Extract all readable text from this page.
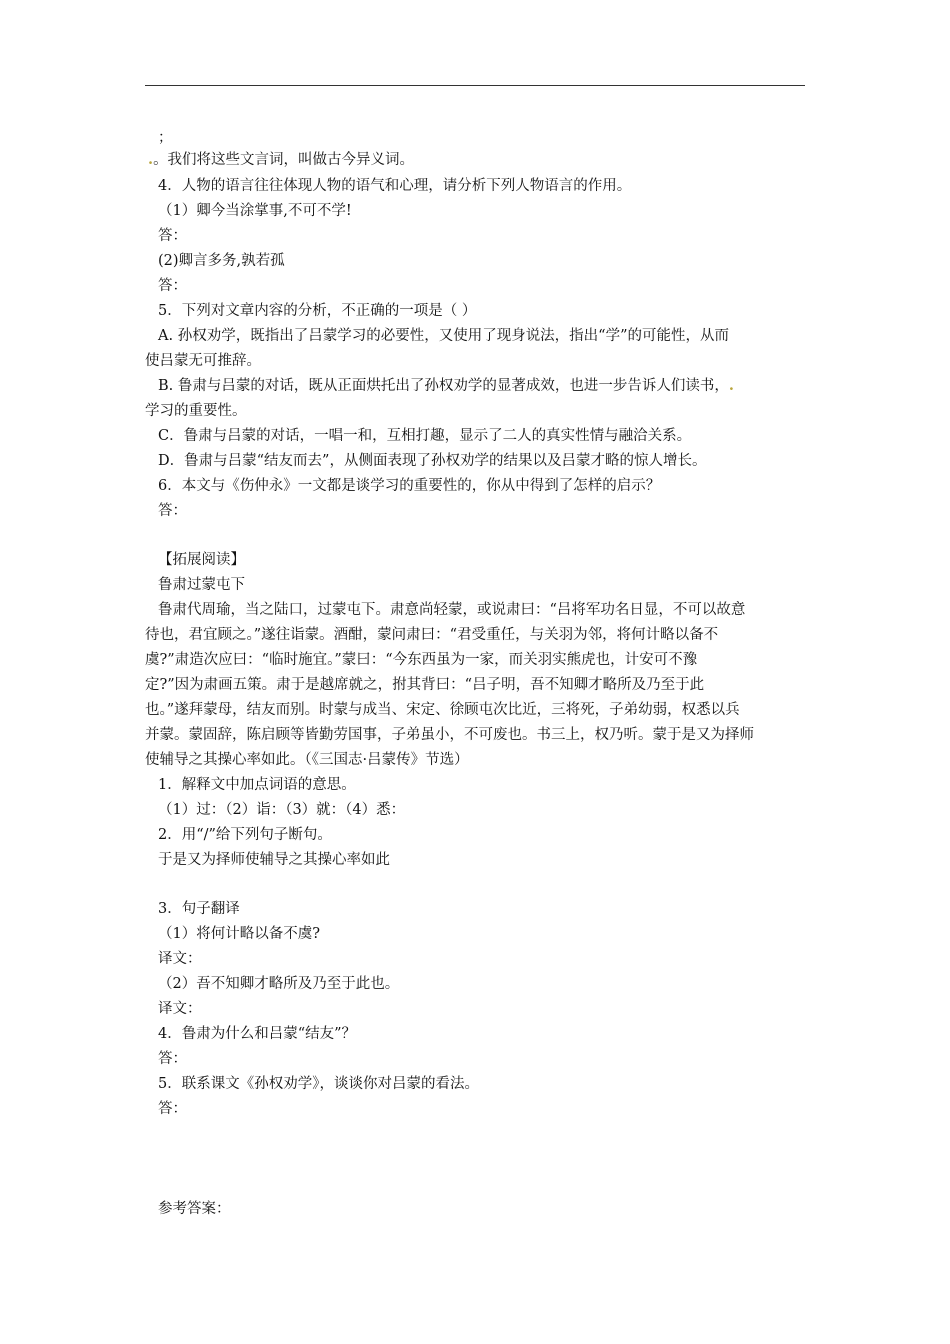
；
.。我们将这些文言词，叫做古今异义词。
4．人物的语言往往体现人物的语气和心理，请分析下列人物语言的作用。
（1）卿今当涂掌事,不可不学!
答：
(2)卿言多务,孰若孤
答：
5．下列对文章内容的分析，不正确的一项是（ ）
A. 孙权劝学，既指出了吕蒙学习的必要性，又使用了现身说法，指出“学”的可能性，从而
使吕蒙无可推辞。
B. 鲁肃与吕蒙的对话，既从正面烘托出了孙权劝学的显著成效，也进一步告诉人们读书，.
学习的重要性。
C．鲁肃与吕蒙的对话，一唱一和，互相打趣，显示了二人的真实性情与融洽关系。
D．鲁肃与吕蒙“结友而去”，从侧面表现了孙权劝学的结果以及吕蒙才略的惊人增长。
6．本文与《伤仲永》一文都是谈学习的重要性的，你从中得到了怎样的启示？
答：
【拓展阅读】
鲁肃过蒙屯下
鲁肃代周瑜，当之陆口，过蒙屯下。肃意尚轻蒙，或说肃曰：“吕将军功名日显，不可以故意
待也，君宜顾之。”遂往诣蒙。酒酣，蒙问肃曰：“君受重任，与关羽为邻，将何计略以备不
虞?”肃造次应曰：“临时施宜。”蒙曰：“今东西虽为一家，而关羽实熊虎也，计安可不豫
定?”因为肃画五策。肃于是越席就之，拊其背曰：“吕子明，吾不知卿才略所及乃至于此
也。”遂拜蒙母，结友而别。时蒙与成当、宋定、徐顾屯次比近，三将死，子弟幼弱，权悉以兵
并蒙。蒙固辞，陈启顾等皆勤劳国事，子弟虽小，不可废也。书三上，权乃听。蒙于是又为择师
使辅导之其操心率如此。（《三国志·吕蒙传》节选）
1．解释文中加点词语的意思。
（1）过：（2）诣：（3）就：（4）悉：
2．用“/”给下列句子断句。
于是又为择师使辅导之其操心率如此
3．句子翻译
（1）将何计略以备不虞?
译文：
（2）吾不知卿才略所及乃至于此也。
译文：
4．鲁肃为什么和吕蒙“结友”？
答：
5．联系课文《孙权劝学》，谈谈你对吕蒙的看法。
答：
参考答案：
